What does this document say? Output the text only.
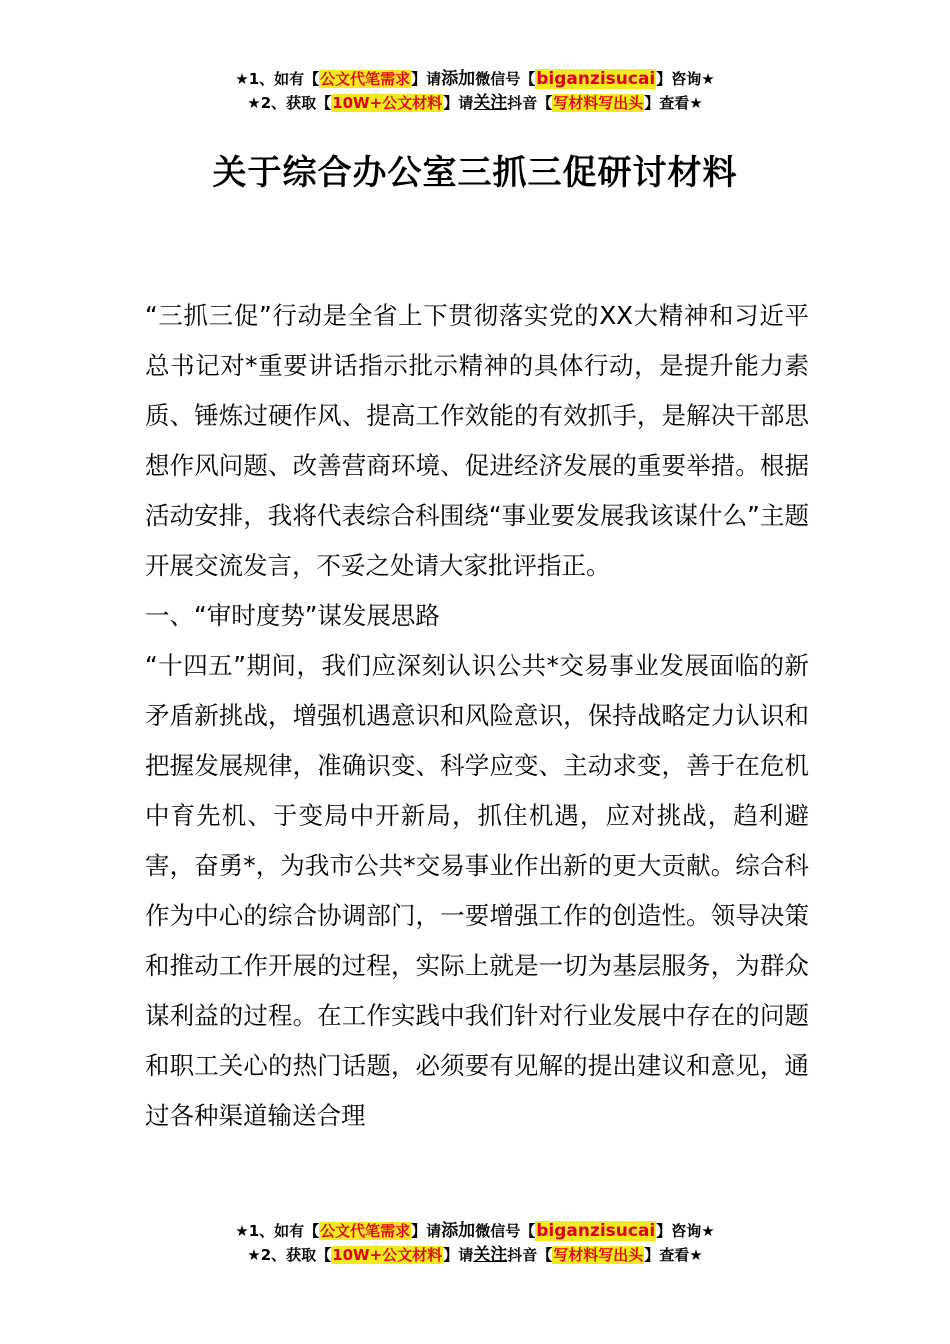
★1、如有【公文代笔需求】请添加微信号【biganzisucai】咨询★
★2、获取【10W+公文材料】请关注抖音【写材料写出头】查看★
关于综合办公室三抓三促研讨材料

“三抓三促”行动是全省上下贯彻落实党的XX大精神和习近平总书记对*重要讲话指示批示精神的具体行动，是提升能力素质、锤炼过硬作风、提高工作效能的有效抓手，是解决干部思想作风问题、改善营商环境、促进经济发展的重要举措。根据活动安排，我将代表综合科围绕“事业要发展我该谋什么”主题开展交流发言，不妥之处请大家批评指正。

一、“审时度势”谋发展思路

“十四五”期间，我们应深刻认识公共*交易事业发展面临的新矛盾新挑战，增强机遇意识和风险意识，保持战略定力认识和把握发展规律，准确识变、科学应变、主动求变，善于在危机中育先机、于变局中开新局，抓住机遇，应对挑战，趋利避害，奋勇*，为我市公共*交易事业作出新的更大贡献。综合科作为中心的综合协调部门，一要增强工作的创造性。领导决策和推动工作开展的过程，实际上就是一切为基层服务，为群众谋利益的过程。在工作实践中我们针对行业发展中存在的问题和职工关心的热门话题，必须要有见解的提出建议和意见，通过各种渠道输送合理

★1、如有【公文代笔需求】请添加微信号【biganzisucai】咨询★
★2、获取【10W+公文材料】请关注抖音【写材料写出头】查看★
